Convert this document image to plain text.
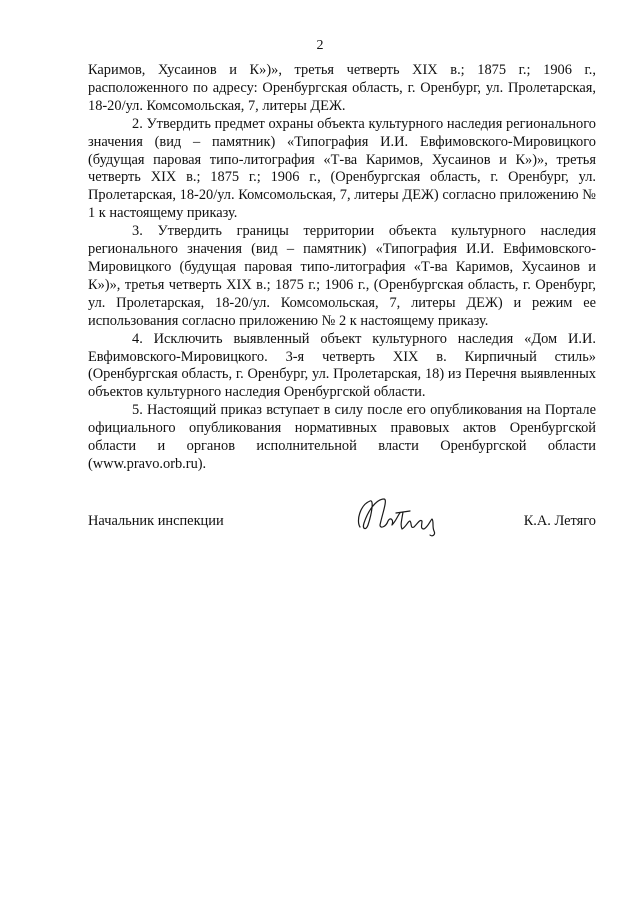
2

Каримов, Хусаинов и К»)», третья четверть XIX в.; 1875 г.; 1906 г., расположенного по адресу: Оренбургская область, г. Оренбург, ул. Пролетарская, 18-20/ул. Комсомольская, 7, литеры ДЕЖ.

2. Утвердить предмет охраны объекта культурного наследия регионального значения (вид – памятник) «Типография И.И. Евфимовского-Мировицкого (будущая паровая типо-литография «Т-ва Каримов, Хусаинов и К»)», третья четверть XIX в.; 1875 г.; 1906 г., (Оренбургская область, г. Оренбург, ул. Пролетарская, 18-20/ул. Комсомольская, 7, литеры ДЕЖ) согласно приложению № 1 к настоящему приказу.

3. Утвердить границы территории объекта культурного наследия регионального значения (вид – памятник) «Типография И.И. Евфимовского-Мировицкого (будущая паровая типо-литография «Т-ва Каримов, Хусаинов и К»)», третья четверть XIX в.; 1875 г.; 1906 г., (Оренбургская область, г. Оренбург, ул. Пролетарская, 18-20/ул. Комсомольская, 7, литеры ДЕЖ) и режим ее использования согласно приложению № 2 к настоящему приказу.

4. Исключить выявленный объект культурного наследия «Дом И.И. Евфимовского-Мировицкого. 3-я четверть XIX в. Кирпичный стиль» (Оренбургская область, г. Оренбург, ул. Пролетарская, 18) из Перечня выявленных объектов культурного наследия Оренбургской области.

5. Настоящий приказ вступает в силу после его опубликования на Портале официального опубликования нормативных правовых актов Оренбургской области и органов исполнительной власти Оренбургской области (www.pravo.orb.ru).

Начальник инспекции	К.А. Летяго
